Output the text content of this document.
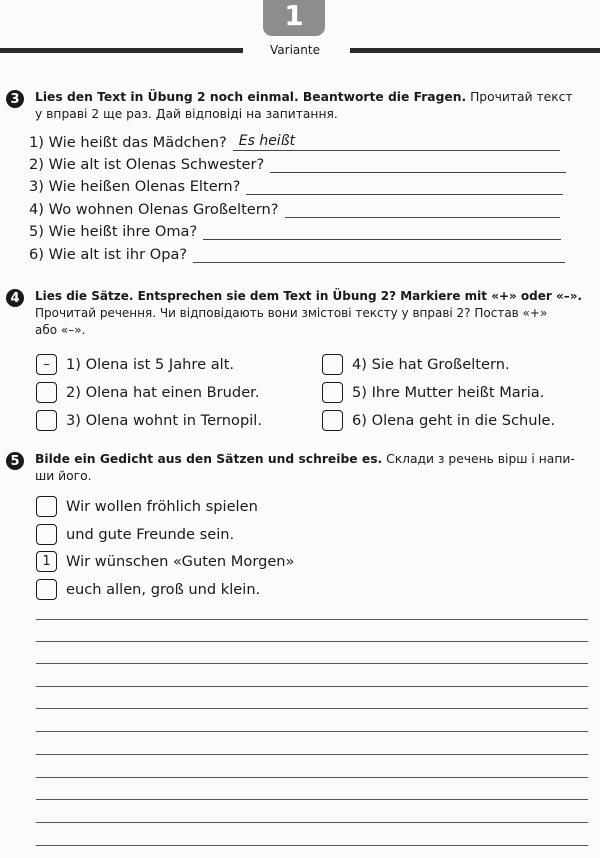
1
Variante
3	Lies den Text in Übung 2 noch einmal. Beantworte die Fragen. Прочитай текст
у вправі 2 ще раз. Дай відповіді на запитання.
1) Wie heißt das Mädchen? Es heißt
2) Wie alt ist Olenas Schwester?
3) Wie heißen Olenas Eltern?
4) Wo wohnen Olenas Großeltern?
5) Wie heißt ihre Oma?
6) Wie alt ist ihr Opa?
4	Lies die Sätze. Entsprechen sie dem Text in Übung 2? Markiere mit «+» oder «–».
Прочитай речення. Чи відповідають вони змістові тексту у вправі 2? Постав «+»
або «–».
–	1) Olena ist 5 Jahre alt.
2) Olena hat einen Bruder.
3) Olena wohnt in Ternopil.
4) Sie hat Großeltern.
5) Ihre Mutter heißt Maria.
6) Olena geht in die Schule.
5	Bilde ein Gedicht aus den Sätzen und schreibe es. Склади з речень вірш і напи-
ши його.
Wir wollen fröhlich spielen
und gute Freunde sein.
1	Wir wünschen «Guten Morgen»
euch allen, groß und klein.
